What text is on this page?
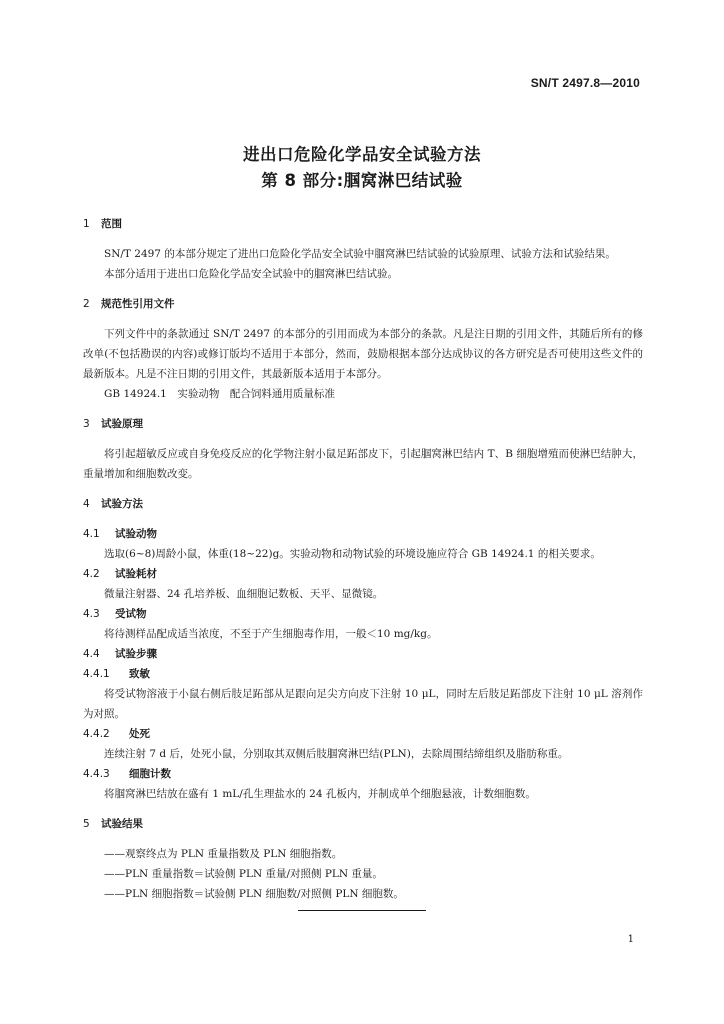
SN/T 2497.8—2010
进出口危险化学品安全试验方法
第 8 部分:腘窝淋巴结试验
1 范围

SN/T 2497 的本部分规定了进出口危险化学品安全试验中腘窝淋巴结试验的试验原理、试验方法和试验结果。

本部分适用于进出口危险化学品安全试验中的腘窝淋巴结试验。

2 规范性引用文件

下列文件中的条款通过 SN/T 2497 的本部分的引用而成为本部分的条款。凡是注日期的引用文件，其随后所有的修改单(不包括勘误的内容)或修订版均不适用于本部分，然而，鼓励根据本部分达成协议的各方研究是否可使用这些文件的最新版本。凡是不注日期的引用文件，其最新版本适用于本部分。

GB 14924.1　实验动物　配合饲料通用质量标准

3 试验原理

将引起超敏反应或自身免疫反应的化学物注射小鼠足跖部皮下，引起腘窝淋巴结内 T、B 细胞增殖而使淋巴结肿大，重量增加和细胞数改变。

4 试验方法
4.1 试验动物

选取(6~8)周龄小鼠，体重(18~22)g。实验动物和动物试验的环境设施应符合 GB 14924.1 的相关要求。

4.2 试验耗材

微量注射器、24 孔培养板、血细胞记数板、天平、显微镜。

4.3 受试物

将待测样品配成适当浓度，不至于产生细胞毒作用，一般＜10 mg/kg。

4.4 试验步骤
4.4.1 致敏

将受试物溶液于小鼠右侧后肢足跖部从足跟向足尖方向皮下注射 10 μL，同时左后肢足跖部皮下注射 10 μL 溶剂作为对照。

4.4.2 处死

连续注射 7 d 后，处死小鼠，分别取其双侧后肢腘窝淋巴结(PLN)，去除周围结缔组织及脂肪称重。

4.4.3 细胞计数

将腘窝淋巴结放在盛有 1 mL/孔生理盐水的 24 孔板内，并制成单个细胞悬液，计数细胞数。

5 试验结果
——观察终点为 PLN 重量指数及 PLN 细胞指数。
——PLN 重量指数＝试验侧 PLN 重量/对照侧 PLN 重量。
——PLN 细胞指数＝试验侧 PLN 细胞数/对照侧 PLN 细胞数。
1
